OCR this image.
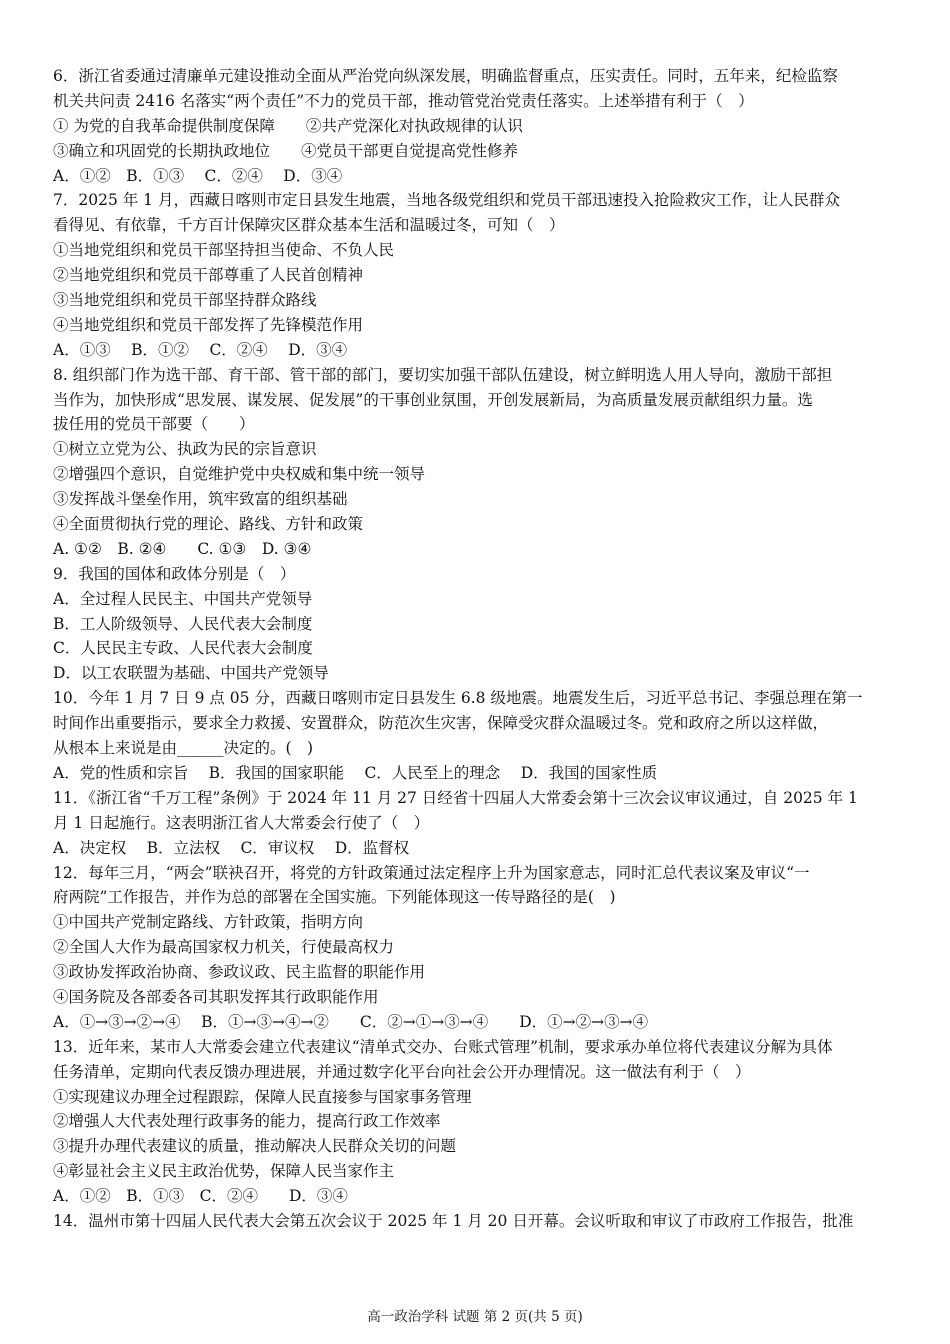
6．浙江省委通过清廉单元建设推动全面从严治党向纵深发展，明确监督重点，压实责任。同时，五年来，纪检监察
机关共问责 2416 名落实“两个责任”不力的党员干部，推动管党治党责任落实。上述举措有利于（　）
① 为党的自我革命提供制度保障　　②共产党深化对执政规律的认识
③确立和巩固党的长期执政地位　　④党员干部更自觉提高党性修养
A．①②　B．①③　 C．②④　 D．③④
7．2025 年 1 月，西藏日喀则市定日县发生地震，当地各级党组织和党员干部迅速投入抢险救灾工作，让人民群众
看得见、有依靠，千方百计保障灾区群众基本生活和温暖过冬，可知（　）
①当地党组织和党员干部坚持担当使命、不负人民
②当地党组织和党员干部尊重了人民首创精神
③当地党组织和党员干部坚持群众路线
④当地党组织和党员干部发挥了先锋模范作用
A．①③　 B．①②　 C．②④　 D．③④
8. 组织部门作为选干部、育干部、管干部的部门，要切实加强干部队伍建设，树立鲜明选人用人导向，激励干部担
当作为，加快形成“思发展、谋发展、促发展”的干事创业氛围，开创发展新局，为高质量发展贡献组织力量。选
拔任用的党员干部要（　　）
①树立立党为公、执政为民的宗旨意识
②增强四个意识，自觉维护党中央权威和集中统一领导
③发挥战斗堡垒作用，筑牢致富的组织基础
④全面贯彻执行党的理论、路线、方针和政策
A. ①②　B. ②④　　C. ①③　D. ③④
9．我国的国体和政体分别是（　）
A．全过程人民民主、中国共产党领导
B．工人阶级领导、人民代表大会制度
C．人民民主专政、人民代表大会制度
D．以工农联盟为基础、中国共产党领导
10．今年 1 月 7 日 9 点 05 分，西藏日喀则市定日县发生 6.8 级地震。地震发生后，习近平总书记、李强总理在第一
时间作出重要指示，要求全力救援、安置群众，防范次生灾害，保障受灾群众温暖过冬。党和政府之所以这样做，
从根本上来说是由______决定的。(　)
A．党的性质和宗旨　 B．我国的国家职能　 C．人民至上的理念　 D．我国的国家性质
11．《浙江省“千万工程”条例》于 2024 年 11 月 27 日经省十四届人大常委会第十三次会议审议通过，自 2025 年 1
月 1 日起施行。这表明浙江省人大常委会行使了（　）
A．决定权　 B．立法权　 C．审议权　 D．监督权
12．每年三月，“两会”联袂召开，将党的方针政策通过法定程序上升为国家意志，同时汇总代表议案及审议“一
府两院”工作报告，并作为总的部署在全国实施。下列能体现这一传导路径的是(　)
①中国共产党制定路线、方针政策，指明方向
②全国人大作为最高国家权力机关，行使最高权力
③政协发挥政治协商、参政议政、民主监督的职能作用
④国务院及各部委各司其职发挥其行政职能作用
A．①→③→②→④　 B．①→③→④→②　　C．②→①→③→④　　D．①→②→③→④
13．近年来，某市人大常委会建立代表建议“清单式交办、台账式管理”机制，要求承办单位将代表建议分解为具体
任务清单，定期向代表反馈办理进展，并通过数字化平台向社会公开办理情况。这一做法有利于（　）
①实现建议办理全过程跟踪，保障人民直接参与国家事务管理
②增强人大代表处理行政事务的能力，提高行政工作效率
③提升办理代表建议的质量，推动解决人民群众关切的问题
④彰显社会主义民主政治优势，保障人民当家作主
A．①②　B．①③　C．②④　　D．③④
14．温州市第十四届人民代表大会第五次会议于 2025 年 1 月 20 日开幕。会议听取和审议了市政府工作报告，批准
高一政治学科 试题 第 2 页(共 5 页)
